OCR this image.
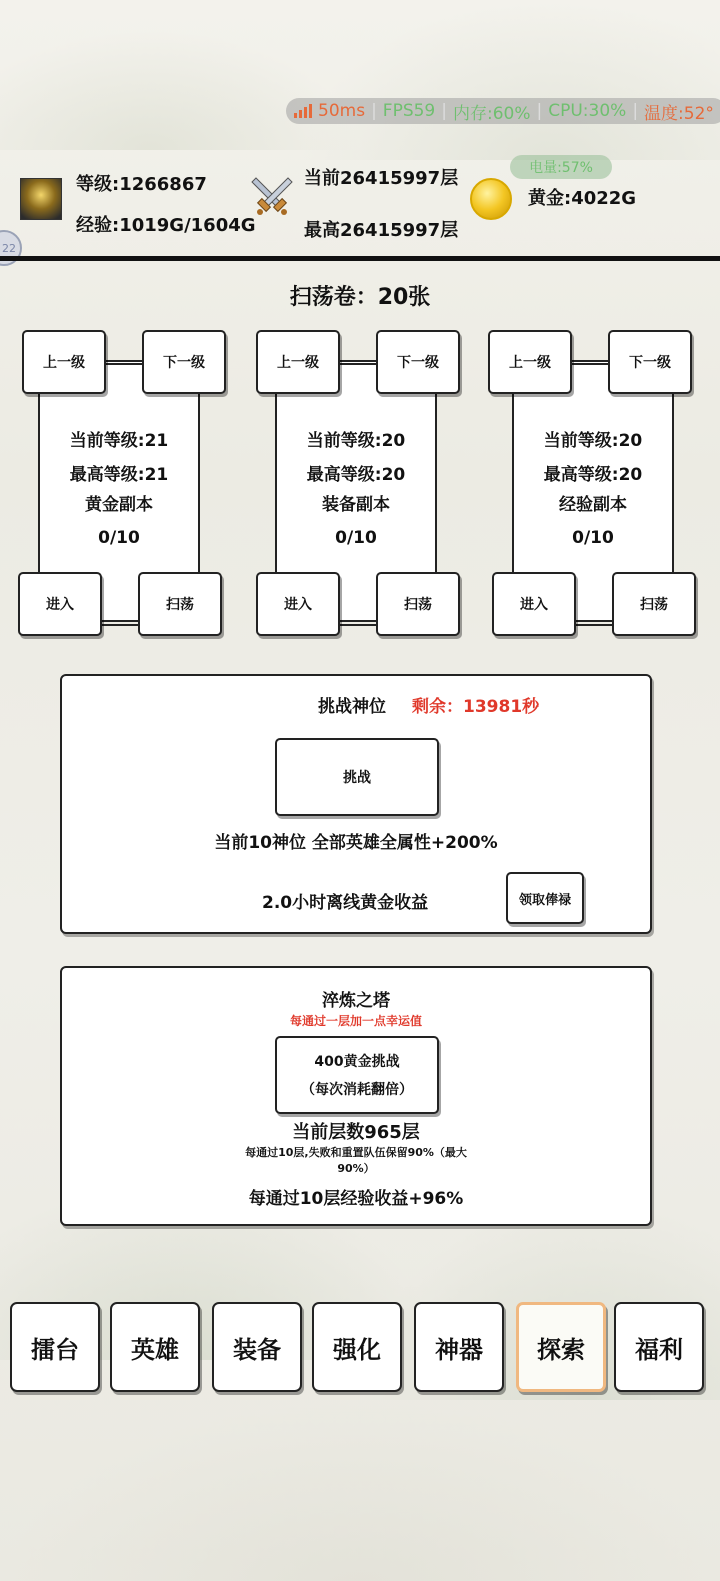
50ms | FPS59 | 内存:60% | CPU:30% | 温度:52°
等级:1266867
经验:1019G/1604G
当前26415997层
最高26415997层
电量:57%
黄金:4022G
22
扫荡卷：20张
当前等级:21
最高等级:21
黄金副本
0/10
上一级	下一级
进入	扫荡
当前等级:20
最高等级:20
装备副本
0/10
上一级	下一级
进入	扫荡
当前等级:20
最高等级:20
经验副本
0/10
上一级	下一级
进入	扫荡
挑战神位 剩余：13981秒
挑战
当前10神位 全部英雄全属性+200%
2.0小时离线黄金收益	领取俸禄
淬炼之塔
每通过一层加一点幸运值
400黄金挑战
（每次消耗翻倍）
当前层数965层
每通过10层,失败和重置队伍保留90%（最大
90%）
每通过10层经验收益+96%
擂台	英雄	装备	强化	神器	探索	福利
